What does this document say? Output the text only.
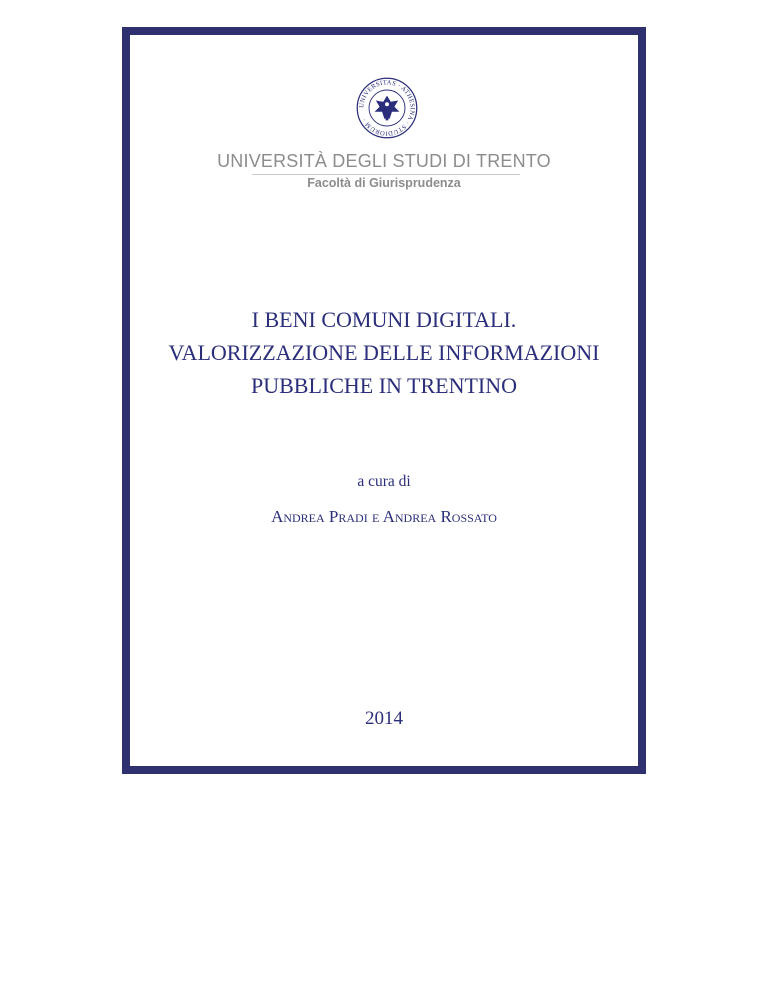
UNIVERSITAS · ATHESINA · STUDIORUM ·
UNIVERSITÀ DEGLI STUDI DI TRENTO
Facoltà di Giurisprudenza
I BENI COMUNI DIGITALI.
VALORIZZAZIONE DELLE INFORMAZIONI
PUBBLICHE IN TRENTINO
a cura di
Andrea Pradi e Andrea Rossato
2014
